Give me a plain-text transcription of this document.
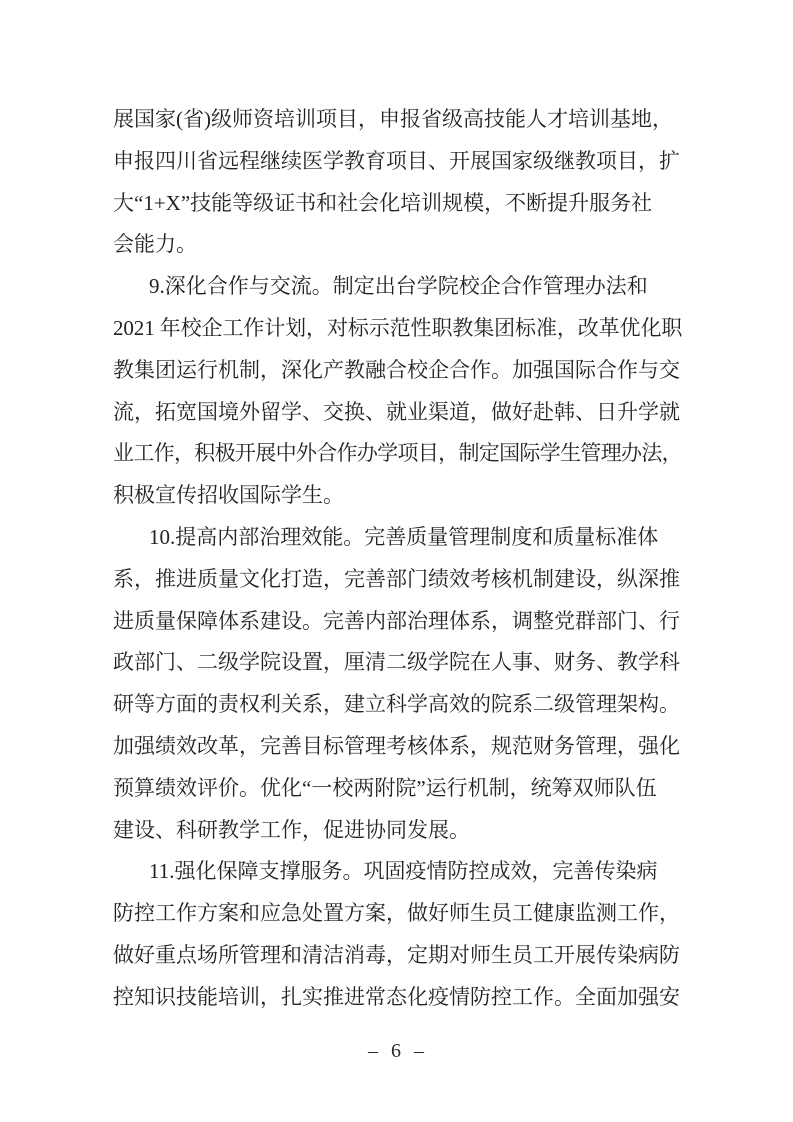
展国家(省)级师资培训项目，申报省级高技能人才培训基地，
申报四川省远程继续医学教育项目、开展国家级继教项目，扩
大“1+X”技能等级证书和社会化培训规模，不断提升服务社
会能力。
9.深化合作与交流。制定出台学院校企合作管理办法和
2021 年校企工作计划，对标示范性职教集团标准，改革优化职
教集团运行机制，深化产教融合校企合作。加强国际合作与交
流，拓宽国境外留学、交换、就业渠道，做好赴韩、日升学就
业工作，积极开展中外合作办学项目，制定国际学生管理办法，
积极宣传招收国际学生。
10.提高内部治理效能。完善质量管理制度和质量标准体
系，推进质量文化打造，完善部门绩效考核机制建设，纵深推
进质量保障体系建设。完善内部治理体系，调整党群部门、行
政部门、二级学院设置，厘清二级学院在人事、财务、教学科
研等方面的责权利关系，建立科学高效的院系二级管理架构。
加强绩效改革，完善目标管理考核体系，规范财务管理，强化
预算绩效评价。优化“一校两附院”运行机制，统筹双师队伍
建设、科研教学工作，促进协同发展。
11.强化保障支撑服务。巩固疫情防控成效，完善传染病
防控工作方案和应急处置方案，做好师生员工健康监测工作，
做好重点场所管理和清洁消毒，定期对师生员工开展传染病防
控知识技能培训，扎实推进常态化疫情防控工作。全面加强安
– 6 –
